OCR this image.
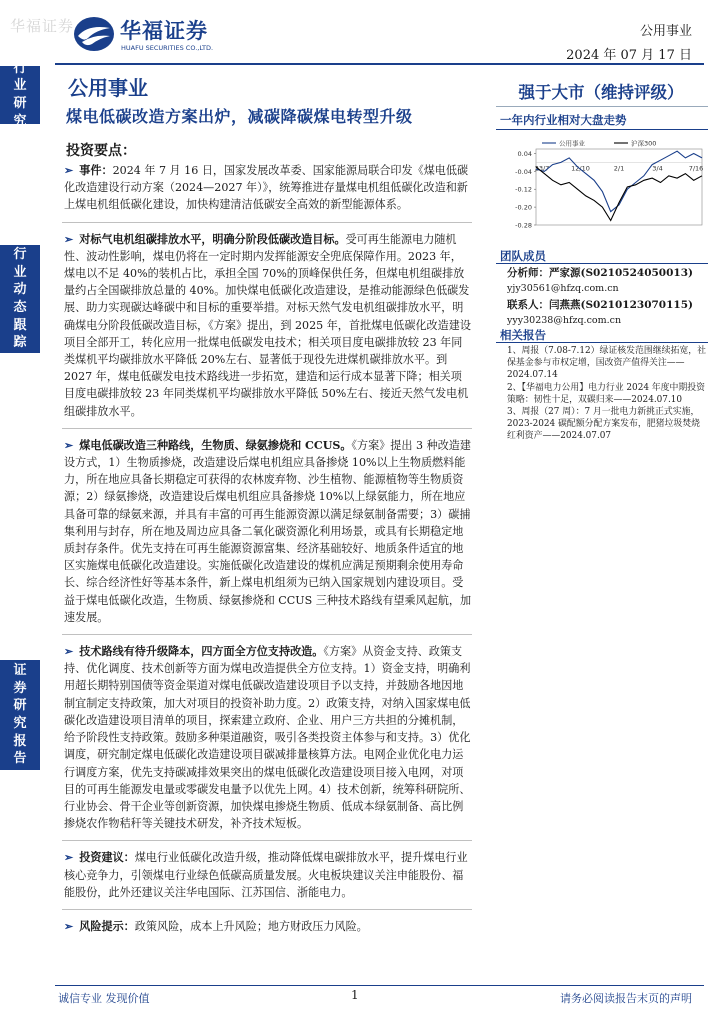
华福证券 华福证券
HUAFU SECURITIES CO.,LTD.
公用事业
2024 年 07 月 17 日
行
业
研
究
行
业
动
态
跟
踪
证
券
研
究
报
告
公用事业
煤电低碳改造方案出炉，减碳降碳煤电转型升级
投资要点：
➢ 事件：2024 年 7 月 16 日，国家发展改革委、国家能源局联合印发《煤电低碳化改造建设行动方案（2024—2027 年）》，统筹推进存量煤电机组低碳化改造和新上煤电机组低碳化建设，加快构建清洁低碳安全高效的新型能源体系。
➢ 对标气电机组碳排放水平，明确分阶段低碳改造目标。受可再生能源电力随机性、波动性影响，煤电仍将在一定时期内发挥能源安全兜底保障作用。2023 年，煤电以不足 40%的装机占比，承担全国 70%的顶峰保供任务，但煤电机组碳排放量约占全国碳排放总量的 40%。加快煤电低碳化改造建设，是推动能源绿色低碳发展、助力实现碳达峰碳中和目标的重要举措。对标天然气发电机组碳排放水平，明确煤电分阶段低碳改造目标，《方案》提出，到 2025 年，首批煤电低碳化改造建设项目全部开工，转化应用一批煤电低碳发电技术；相关项目度电碳排放较 23 年同类煤机平均碳排放水平降低 20%左右、显著低于现役先进煤机碳排放水平。到 2027 年，煤电低碳发电技术路线进一步拓宽，建造和运行成本显著下降；相关项目度电碳排放较 23 年同类煤机平均碳排放水平降低 50%左右、接近天然气发电机组碳排放水平。
➢ 煤电低碳改造三种路线，生物质、绿氨掺烧和 CCUS。《方案》提出 3 种改造建设方式，1）生物质掺烧，改造建设后煤电机组应具备掺烧 10%以上生物质燃料能力，所在地应具备长期稳定可获得的农林废弃物、沙生植物、能源植物等生物质资源；2）绿氨掺烧，改造建设后煤电机组应具备掺烧 10%以上绿氨能力，所在地应具备可靠的绿氨来源，并具有丰富的可再生能源资源以满足绿氨制备需要；3）碳捕集利用与封存，所在地及周边应具备二氧化碳资源化利用场景，或具有长期稳定地质封存条件。优先支持在可再生能源资源富集、经济基础较好、地质条件适宜的地区实施煤电低碳化改造建设。实施低碳化改造建设的煤机应满足预期剩余使用寿命长、综合经济性好等基本条件，新上煤电机组须为已纳入国家规划内建设项目。受益于煤电低碳化改造，生物质、绿氨掺烧和 CCUS 三种技术路线有望乘风起航，加速发展。
➢ 技术路线有待升级降本，四方面全方位支持改造。《方案》从资金支持、政策支持、优化调度、技术创新等方面为煤电改造提供全方位支持。1）资金支持，明确利用超长期特别国债等资金渠道对煤电低碳改造建设项目予以支持，并鼓励各地因地制宜制定支持政策，加大对项目的投资补助力度。2）政策支持，对纳入国家煤电低碳化改造建设项目清单的项目，探索建立政府、企业、用户三方共担的分摊机制，给予阶段性支持政策。鼓励多种渠道融资，吸引各类投资主体参与和支持。3）优化调度，研究制定煤电低碳化改造建设项目碳减排量核算方法。电网企业优化电力运行调度方案，优先支持碳减排效果突出的煤电低碳化改造建设项目接入电网，对项目的可再生能源发电量或零碳发电量予以优先上网。4）技术创新，统筹科研院所、行业协会、骨干企业等创新资源，加快煤电掺烧生物质、低成本绿氨制备、高比例掺烧农作物秸秆等关键技术研发，补齐技术短板。
➢ 投资建议：煤电行业低碳化改造升级，推动降低煤电碳排放水平，提升煤电行业核心竞争力，引领煤电行业绿色低碳高质量发展。火电板块建议关注申能股份、福能股份，此外还建议关注华电国际、江苏国信、浙能电力。
➢ 风险提示：政策风险，成本上升风险；地方财政压力风险。
强于大市（维持评级）
一年内行业相对大盘走势
0.04
-0.04
-0.12
-0.20
-0.28
23/7	12/10	2/1	3/4	7/16
公用事业	沪深300
团队成员
分析师：严家源(S0210524050013)
yjy30561@hfzq.com.cn
联系人：闫燕燕(S0210123070115)
yyy30238@hfzq.com.cn
相关报告
1、周报（7.08-7.12）绿证核发范围继续拓宽，社保基金参与市权定增，国改资产值得关注——2024.07.14
2、【华福电力公用】电力行业 2024 年度中期投资策略：韧性十足，双碳归来——2024.07.10
3、周报（27 周）：7 月一批电力新挑正式实施，2023-2024 碳配额分配方案发布，肥猪垃圾焚烧红利资产——2024.07.07
诚信专业 发现价值	1	请务必阅读报告末页的声明
